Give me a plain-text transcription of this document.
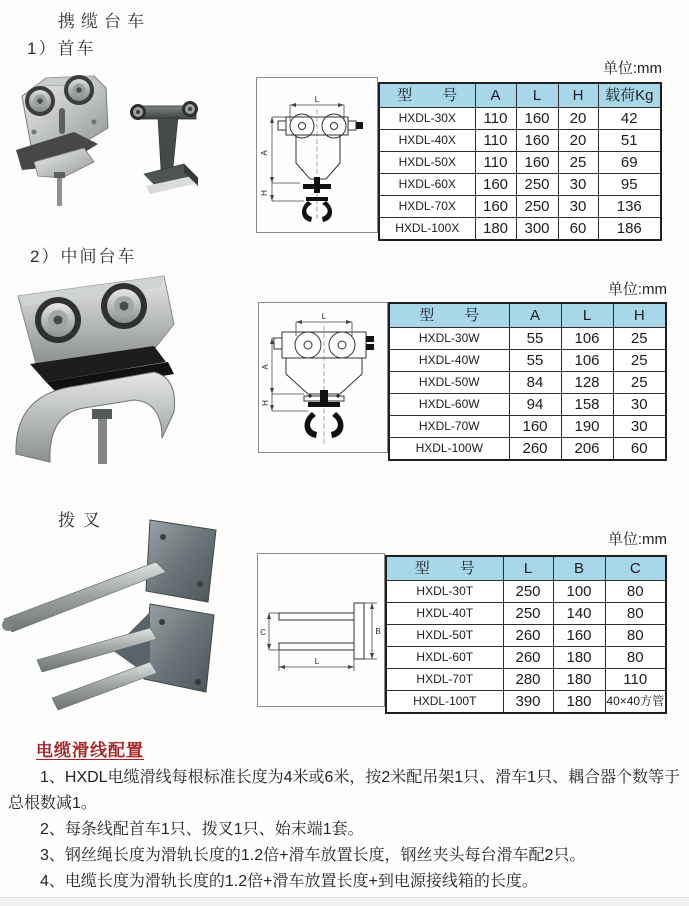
携缆台车
1）首车
单位:mm
L
A
H
型　　号	A	L	H	载荷Kg
HXDL-30X	110	160	20	42
HXDL-40X	110	160	20	51
HXDL-50X	110	160	25	69
HXDL-60X	160	250	30	95
HXDL-70X	160	250	30	136
HXDL-100X	180	300	60	186
2）中间台车
单位:mm
L
A
H
型　　号	A	L	H
HXDL-30W	55	106	25
HXDL-40W	55	106	25
HXDL-50W	84	128	25
HXDL-60W	94	158	30
HXDL-70W	160	190	30
HXDL-100W	260	206	60
拨叉
单位:mm
C	B
L
型　　号	L	B	C
HXDL-30T	250	100	80
HXDL-40T	250	140	80
HXDL-50T	260	160	80
HXDL-60T	260	180	80
HXDL-70T	280	180	110
HXDL-100T	390	180	40×40方管

电缆滑线配置

1、HXDL电缆滑线每根标准长度为4米或6米，按2米配吊架1只、滑车1只、耦合器个数等于总根数减1。

2、每条线配首车1只、拨叉1只、始末端1套。

3、钢丝绳长度为滑轨长度的1.2倍+滑车放置长度，钢丝夹头每台滑车配2只。

4、电缆长度为滑轨长度的1.2倍+滑车放置长度+到电源接线箱的长度。
